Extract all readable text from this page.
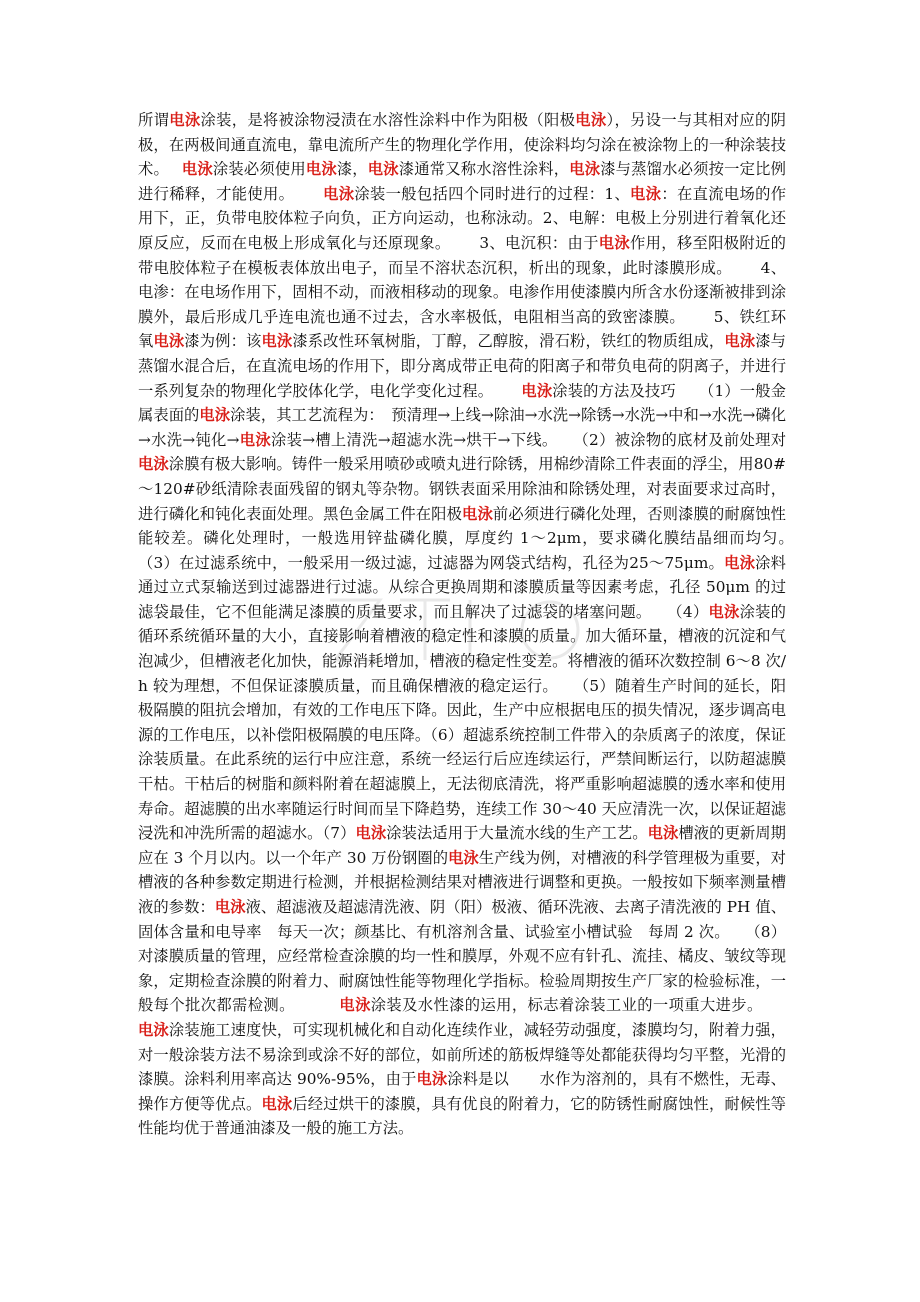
所谓电泳涂装，是将被涂物浸渍在水溶性涂料中作为阳极（阳极电泳），另设一与其相对应的阴极，在两极间通直流电，靠电流所产生的物理化学作用，使涂料均匀涂在被涂物上的一种涂装技术。　 电泳涂装必须使用电泳漆，电泳漆通常又称水溶性涂料，电泳漆与蒸馏水必须按一定比例进行稀释，才能使用。　　 电泳涂装一般包括四个同时进行的过程：1、电泳：在直流电场的作用下，正，负带电胶体粒子向负，正方向运动，也称泳动。2、电解：电极上分别进行着氧化还原反应，反而在电极上形成氧化与还原现象。　　 3、电沉积：由于电泳作用，移至阳极附近的带电胶体粒子在模板表体放出电子，而呈不溶状态沉积，析出的现象，此时漆膜形成。　　 4、电渗：在电场作用下，固相不动，而液相移动的现象。电渗作用使漆膜内所含水份逐渐被排到涂膜外，最后形成几乎连电流也通不过去，含水率极低，电阻相当高的致密漆膜。　　 5、铁红环氧电泳漆为例：该电泳漆系改性环氧树脂，丁醇，乙醇胺，滑石粉，铁红的物质组成，电泳漆与蒸馏水混合后，在直流电场的作用下，即分离成带正电荷的阳离子和带负电荷的阴离子，并进行一系列复杂的物理化学胶体化学，电化学变化过程。　　 电泳涂装的方法及技巧　　（1）一般金属表面的电泳涂装，其工艺流程为：　预清理→上线→除油→水洗→除锈→水洗→中和→水洗→磷化→水洗→钝化→电泳涂装→槽上清洗→超滤水洗→烘干→下线。　　（2）被涂物的底材及前处理对电泳涂膜有极大影响。铸件一般采用喷砂或喷丸进行除锈，用棉纱清除工件表面的浮尘，用80#～120#砂纸清除表面残留的钢丸等杂物。钢铁表面采用除油和除锈处理，对表面要求过高时，进行磷化和钝化表面处理。黑色金属工件在阳极电泳前必须进行磷化处理，否则漆膜的耐腐蚀性能较差。磷化处理时，一般选用锌盐磷化膜，厚度约 1～2μm，要求磷化膜结晶细而均匀。　　（3）在过滤系统中，一般采用一级过滤，过滤器为网袋式结构，孔径为25～75μm。电泳涂料通过立式泵输送到过滤器进行过滤。从综合更换周期和漆膜质量等因素考虑，孔径 50μm 的过滤袋最佳，它不但能满足漆膜的质量要求，而且解决了过滤袋的堵塞问题。　　（4）电泳涂装的循环系统循环量的大小，直接影响着槽液的稳定性和漆膜的质量。加大循环量，槽液的沉淀和气泡减少，但槽液老化加快，能源消耗增加，槽液的稳定性变差。将槽液的循环次数控制 6～8 次/h 较为理想，不但保证漆膜质量，而且确保槽液的稳定运行。　　（5）随着生产时间的延长，阳极隔膜的阻抗会增加，有效的工作电压下降。因此，生产中应根据电压的损失情况，逐步调高电源的工作电压，以补偿阳极隔膜的电压降。（6）超滤系统控制工件带入的杂质离子的浓度，保证涂装质量。在此系统的运行中应注意，系统一经运行后应连续运行，严禁间断运行，以防超滤膜干枯。干枯后的树脂和颜料附着在超滤膜上，无法彻底清洗，将严重影响超滤膜的透水率和使用寿命。超滤膜的出水率随运行时间而呈下降趋势，连续工作 30～40 天应清洗一次，以保证超滤浸洗和冲洗所需的超滤水。（7）电泳涂装法适用于大量流水线的生产工艺。电泳槽液的更新周期应在 3 个月以内。以一个年产 30 万份钢圈的电泳生产线为例，对槽液的科学管理极为重要，对槽液的各种参数定期进行检测，并根据检测结果对槽液进行调整和更换。一般按如下频率测量槽液的参数：电泳液、超滤液及超滤清洗液、阴（阳）极液、循环洗液、去离子清洗液的 PH 值、固体含量和电导率　每天一次；颜基比、有机溶剂含量、试验室小槽试验　每周 2 次。　　（8）对漆膜质量的管理，应经常检查涂膜的均一性和膜厚，外观不应有针孔、流挂、橘皮、皱纹等现象，定期检查涂膜的附着力、耐腐蚀性能等物理化学指标。检验周期按生产厂家的检验标准，一般每个批次都需检测。　　　 电泳涂装及水性漆的运用，标志着涂装工业的一项重大进步。　　 电泳涂装施工速度快，可实现机械化和自动化连续作业，减轻劳动强度，漆膜均匀，附着力强，对一般涂装方法不易涂到或涂不好的部位，如前所述的筋板焊缝等处都能获得均匀平整，光滑的漆膜。涂料利用率高达 90%-95%，由于电泳涂料是以　　水作为溶剂的，具有不燃性，无毒、操作方便等优点。电泳后经过烘干的漆膜，具有优良的附着力，它的防锈性耐腐蚀性，耐候性等性能均优于普通油漆及一般的施工方法。
